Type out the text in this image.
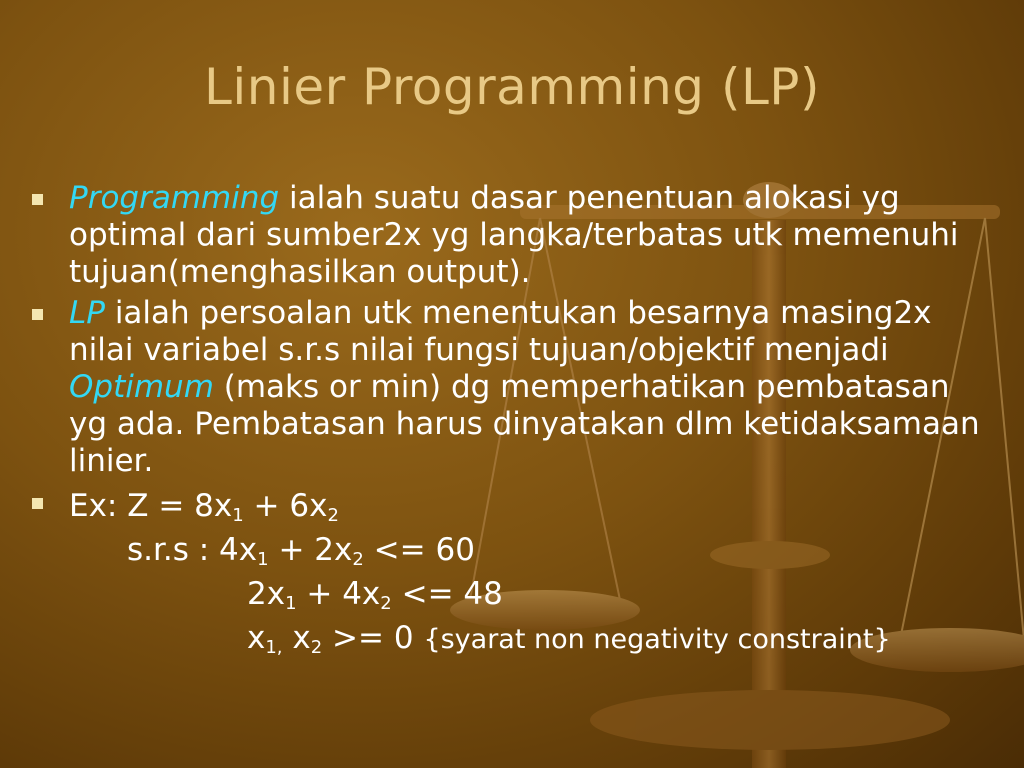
Linier Programming (LP)
Programming ialah suatu dasar penentuan alokasi yg optimal dari sumber2x yg langka/terbatas utk memenuhi tujuan(menghasilkan output).
LP ialah persoalan utk menentukan besarnya masing2x nilai variabel s.r.s nilai fungsi tujuan/objektif menjadi Optimum (maks or min) dg memperhatikan pembatasan yg ada. Pembatasan harus dinyatakan dlm ketidaksamaan linier.
Ex: $Z = 8x_1 + 6x_2$
s.r.s : $4x_1 + 2x_2 <= 60$
$2x_1 + 4x_2 <= 48$
$x_{1,}$ $x_2 >= 0$ {syarat non negativity constraint}
